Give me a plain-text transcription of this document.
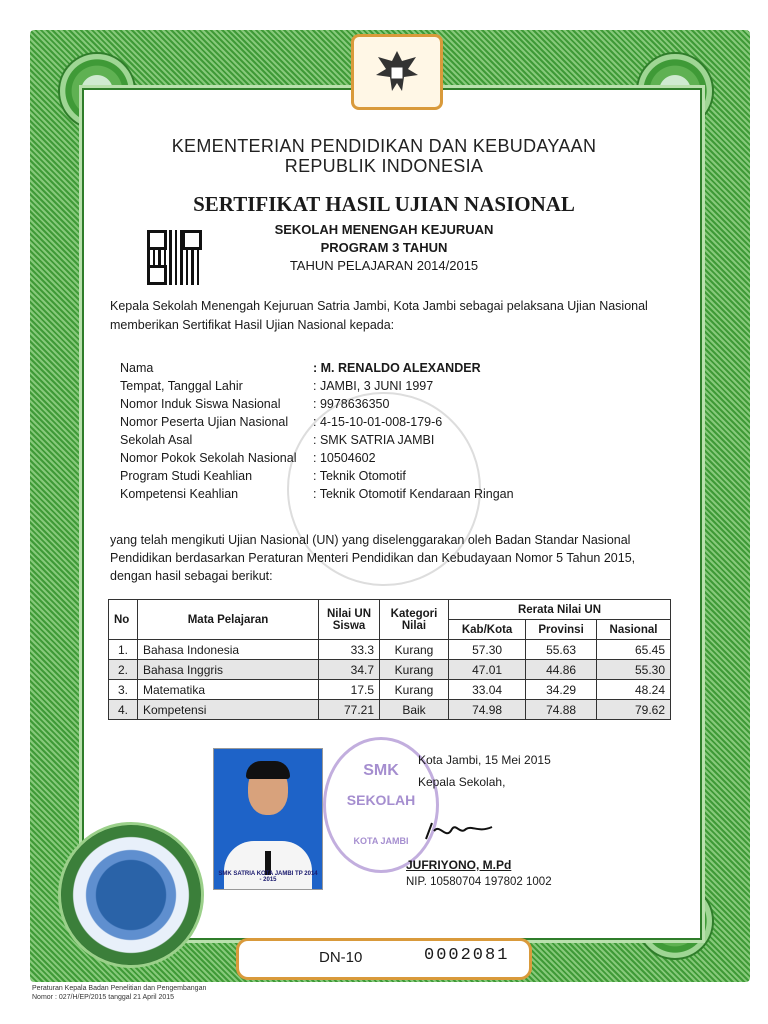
KEMENTERIAN PENDIDIKAN DAN KEBUDAYAAN
REPUBLIK INDONESIA
SERTIFIKAT HASIL UJIAN NASIONAL
SEKOLAH MENENGAH KEJURUAN
PROGRAM 3 TAHUN
TAHUN PELAJARAN 2014/2015
Kepala Sekolah Menengah Kejuruan Satria Jambi, Kota Jambi sebagai pelaksana Ujian Nasional memberikan Sertifikat Hasil Ujian Nasional kepada:
Nama	: M. RENALDO ALEXANDER
Tempat, Tanggal Lahir	: JAMBI, 3 JUNI 1997
Nomor Induk Siswa Nasional	: 9978636350
Nomor Peserta Ujian Nasional : 4-15-10-01-008-179-6
Sekolah Asal	: SMK SATRIA JAMBI
Nomor Pokok Sekolah Nasional : 10504602
Program Studi Keahlian	: Teknik Otomotif
Kompetensi Keahlian	: Teknik Otomotif Kendaraan Ringan
yang telah mengikuti Ujian Nasional (UN) yang diselenggarakan oleh Badan Standar Nasional
Pendidikan berdasarkan Peraturan Menteri Pendidikan dan Kebudayaan Nomor 5 Tahun 2015,
dengan hasil sebagai berikut:
No	Mata Pelajaran	Nilai UN Siswa	Kategori Nilai	Rerata Nilai UN		
				Kab/Kota	Provinsi	Nasional
1.	Bahasa Indonesia	33.3	Kurang	57.30	55.63	65.45
2.	Bahasa Inggris	34.7	Kurang	47.01	44.86	55.30
3.	Matematika	17.5	Kurang	33.04	34.29	48.24
4.	Kompetensi	77.21	Baik	74.98	74.88	79.62
SMK SATRIA KOTA JAMBI TP 2014 - 2015
SMK
SEKOLAH
KOTA JAMBI
Kota Jambi, 15 Mei 2015
Kepala Sekolah,
JUFRIYONO, M.Pd
NIP. 10580704 197802 1002
DN-10	0002081
Peraturan Kepala Badan Penelitian dan Pengembangan
Nomor : 027/H/EP/2015 tanggal 21 April 2015
